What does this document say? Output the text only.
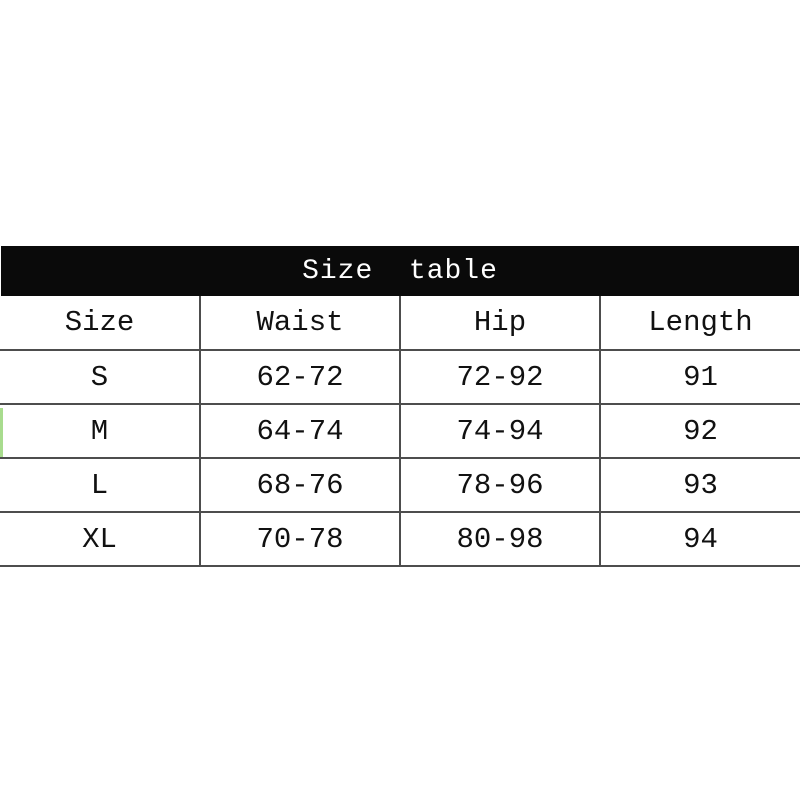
Size  table
Size	Waist	Hip	Length
S	62-72	72-92	91
M	64-74	74-94	92
L	68-76	78-96	93
XL	70-78	80-98	94
